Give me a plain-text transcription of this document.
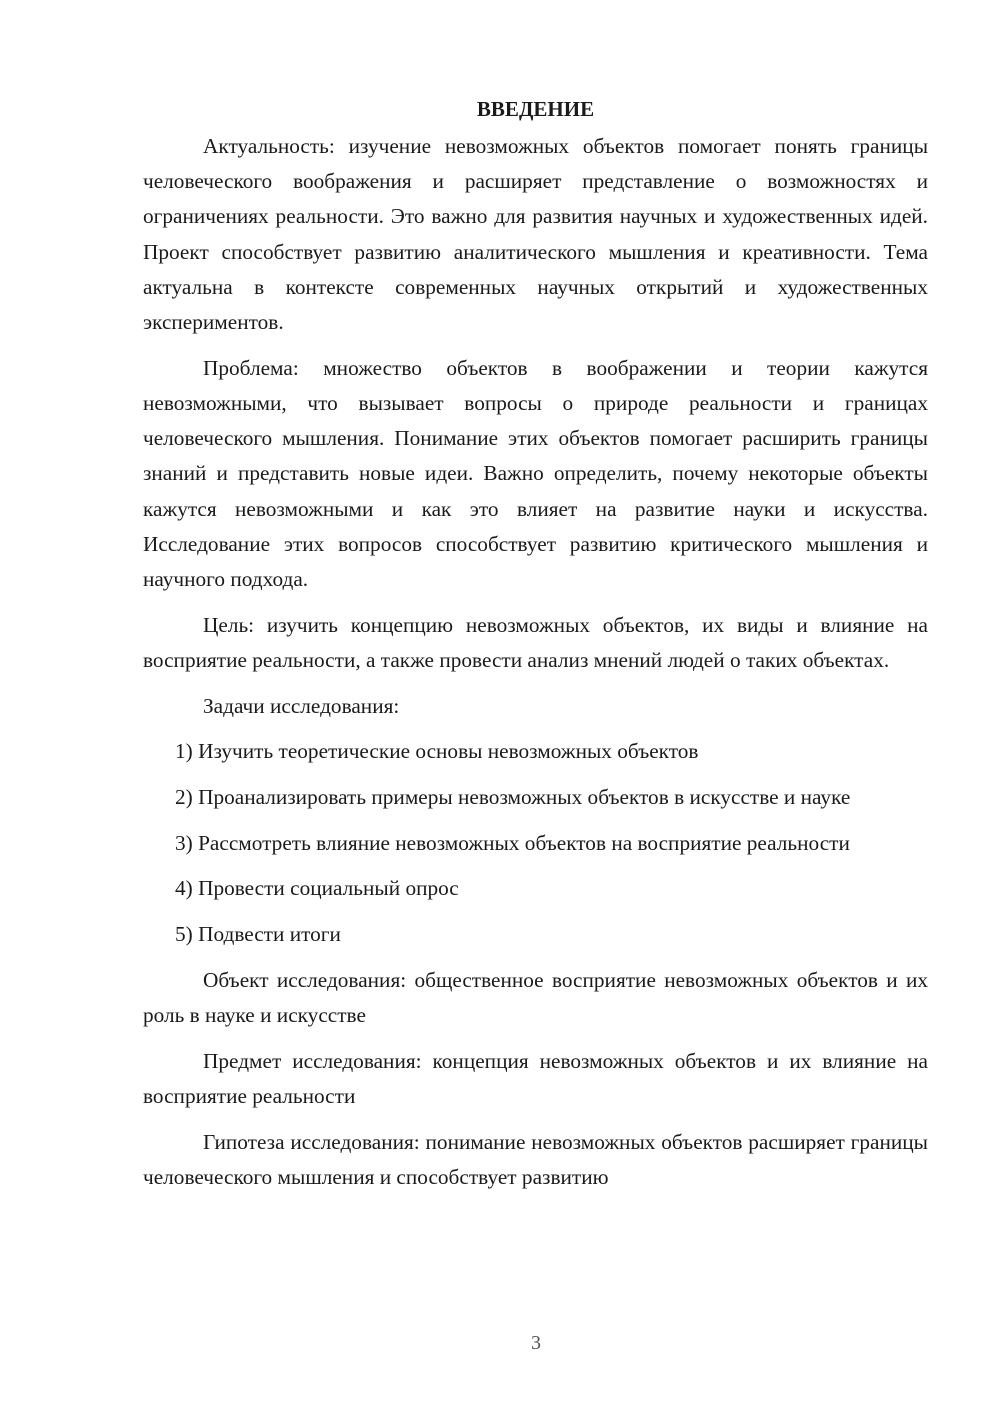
ВВЕДЕНИЕ

Актуальность: изучение невозможных объектов помогает понять границы человеческого воображения и расширяет представление о возможностях и ограничениях реальности. Это важно для развития научных и художественных идей. Проект способствует развитию аналитического мышления и креативности. Тема актуальна в контексте современных научных открытий и художественных экспериментов.

Проблема: множество объектов в воображении и теории кажутся невозможными, что вызывает вопросы о природе реальности и границах человеческого мышления. Понимание этих объектов помогает расширить границы знаний и представить новые идеи. Важно определить, почему некоторые объекты кажутся невозможными и как это влияет на развитие науки и искусства. Исследование этих вопросов способствует развитию критического мышления и научного подхода.

Цель: изучить концепцию невозможных объектов, их виды и влияние на восприятие реальности, а также провести анализ мнений людей о таких объектах.

Задачи исследования:

1) Изучить теоретические основы невозможных объектов

2) Проанализировать примеры невозможных объектов в искусстве и науке

3) Рассмотреть влияние невозможных объектов на восприятие реальности

4) Провести социальный опрос

5) Подвести итоги

Объект исследования: общественное восприятие невозможных объектов и их роль в науке и искусстве

Предмет исследования: концепция невозможных объектов и их влияние на восприятие реальности

Гипотеза исследования: понимание невозможных объектов расширяет границы человеческого мышления и способствует развитию

3
